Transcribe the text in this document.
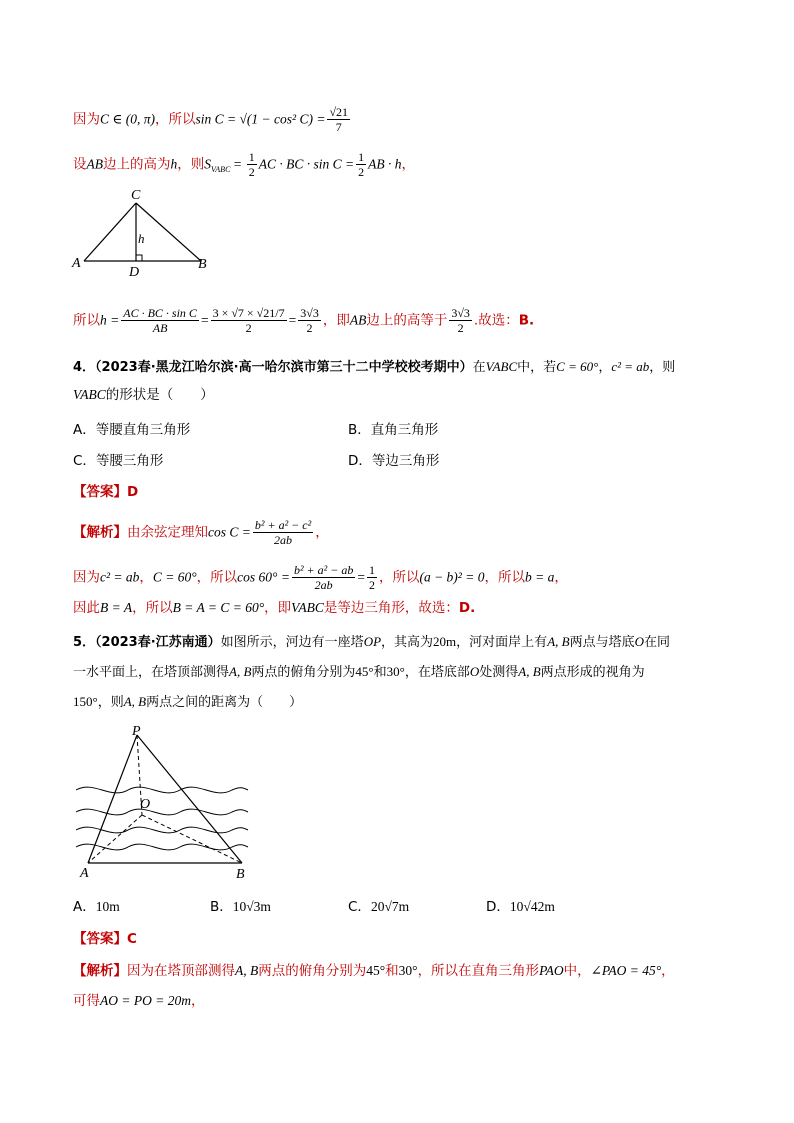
因为C ∈ (0, π)，所以sin C = √(1 − cos² $C) = \frac{√21}{7}$
设AB边上的高为h，则$S_{VABC} = \frac{1}{2}$ AC · BC · $\sin C = \frac{1}{2}$ AB · h，
C
A	B
D
h
所以$h = \frac{\text{AC · BC · sin C}}{AB} = \frac{3 \times √7 \times √21/7}{2} = \frac{3√3}{2}$ ，即AB边上的高等于 $\frac{3√3}{2}$ .故选：B.
4．（2023春·黑龙江哈尔滨·高一哈尔滨市第三十二中学校校考期中）在VABC中，若C = 60°，c² = ab，则
VABC的形状是（　　）
A．等腰直角三角形	B．直角三角形
C．等腰三角形	D．等边三角形
【答案】D
【解析】由余弦定理知$\cos C = \frac{\text{b² + a² − c²}}{2ab}$ ，
因为c² = ab，C = 60°，所以$\cos 60^\circ = \frac{\text{b² + a² − ab}}{2ab} = \frac{1}{2}$ ，所以(a − b)² = 0，所以b = a，
因此B = A，所以B = A = C = 60°，即VABC是等边三角形，故选：D.
5．（2023春·江苏南通）如图所示，河边有一座塔OP，其高为20m，河对面岸上有A, B两点与塔底O在同
一水平面上，在塔顶部测得A, B两点的俯角分别为45°和30°，在塔底部O处测得A, B两点形成的视角为
150°，则A, B两点之间的距离为（　　）
P
O
A	B
A．10m	B．10√3m	C．20√7m	D．10√42m
【答案】C
【解析】因为在塔顶部测得A, B两点的俯角分别为45°和30°，所以在直角三角形PAO中，∠PAO = 45°，
可得AO = PO = 20m，
